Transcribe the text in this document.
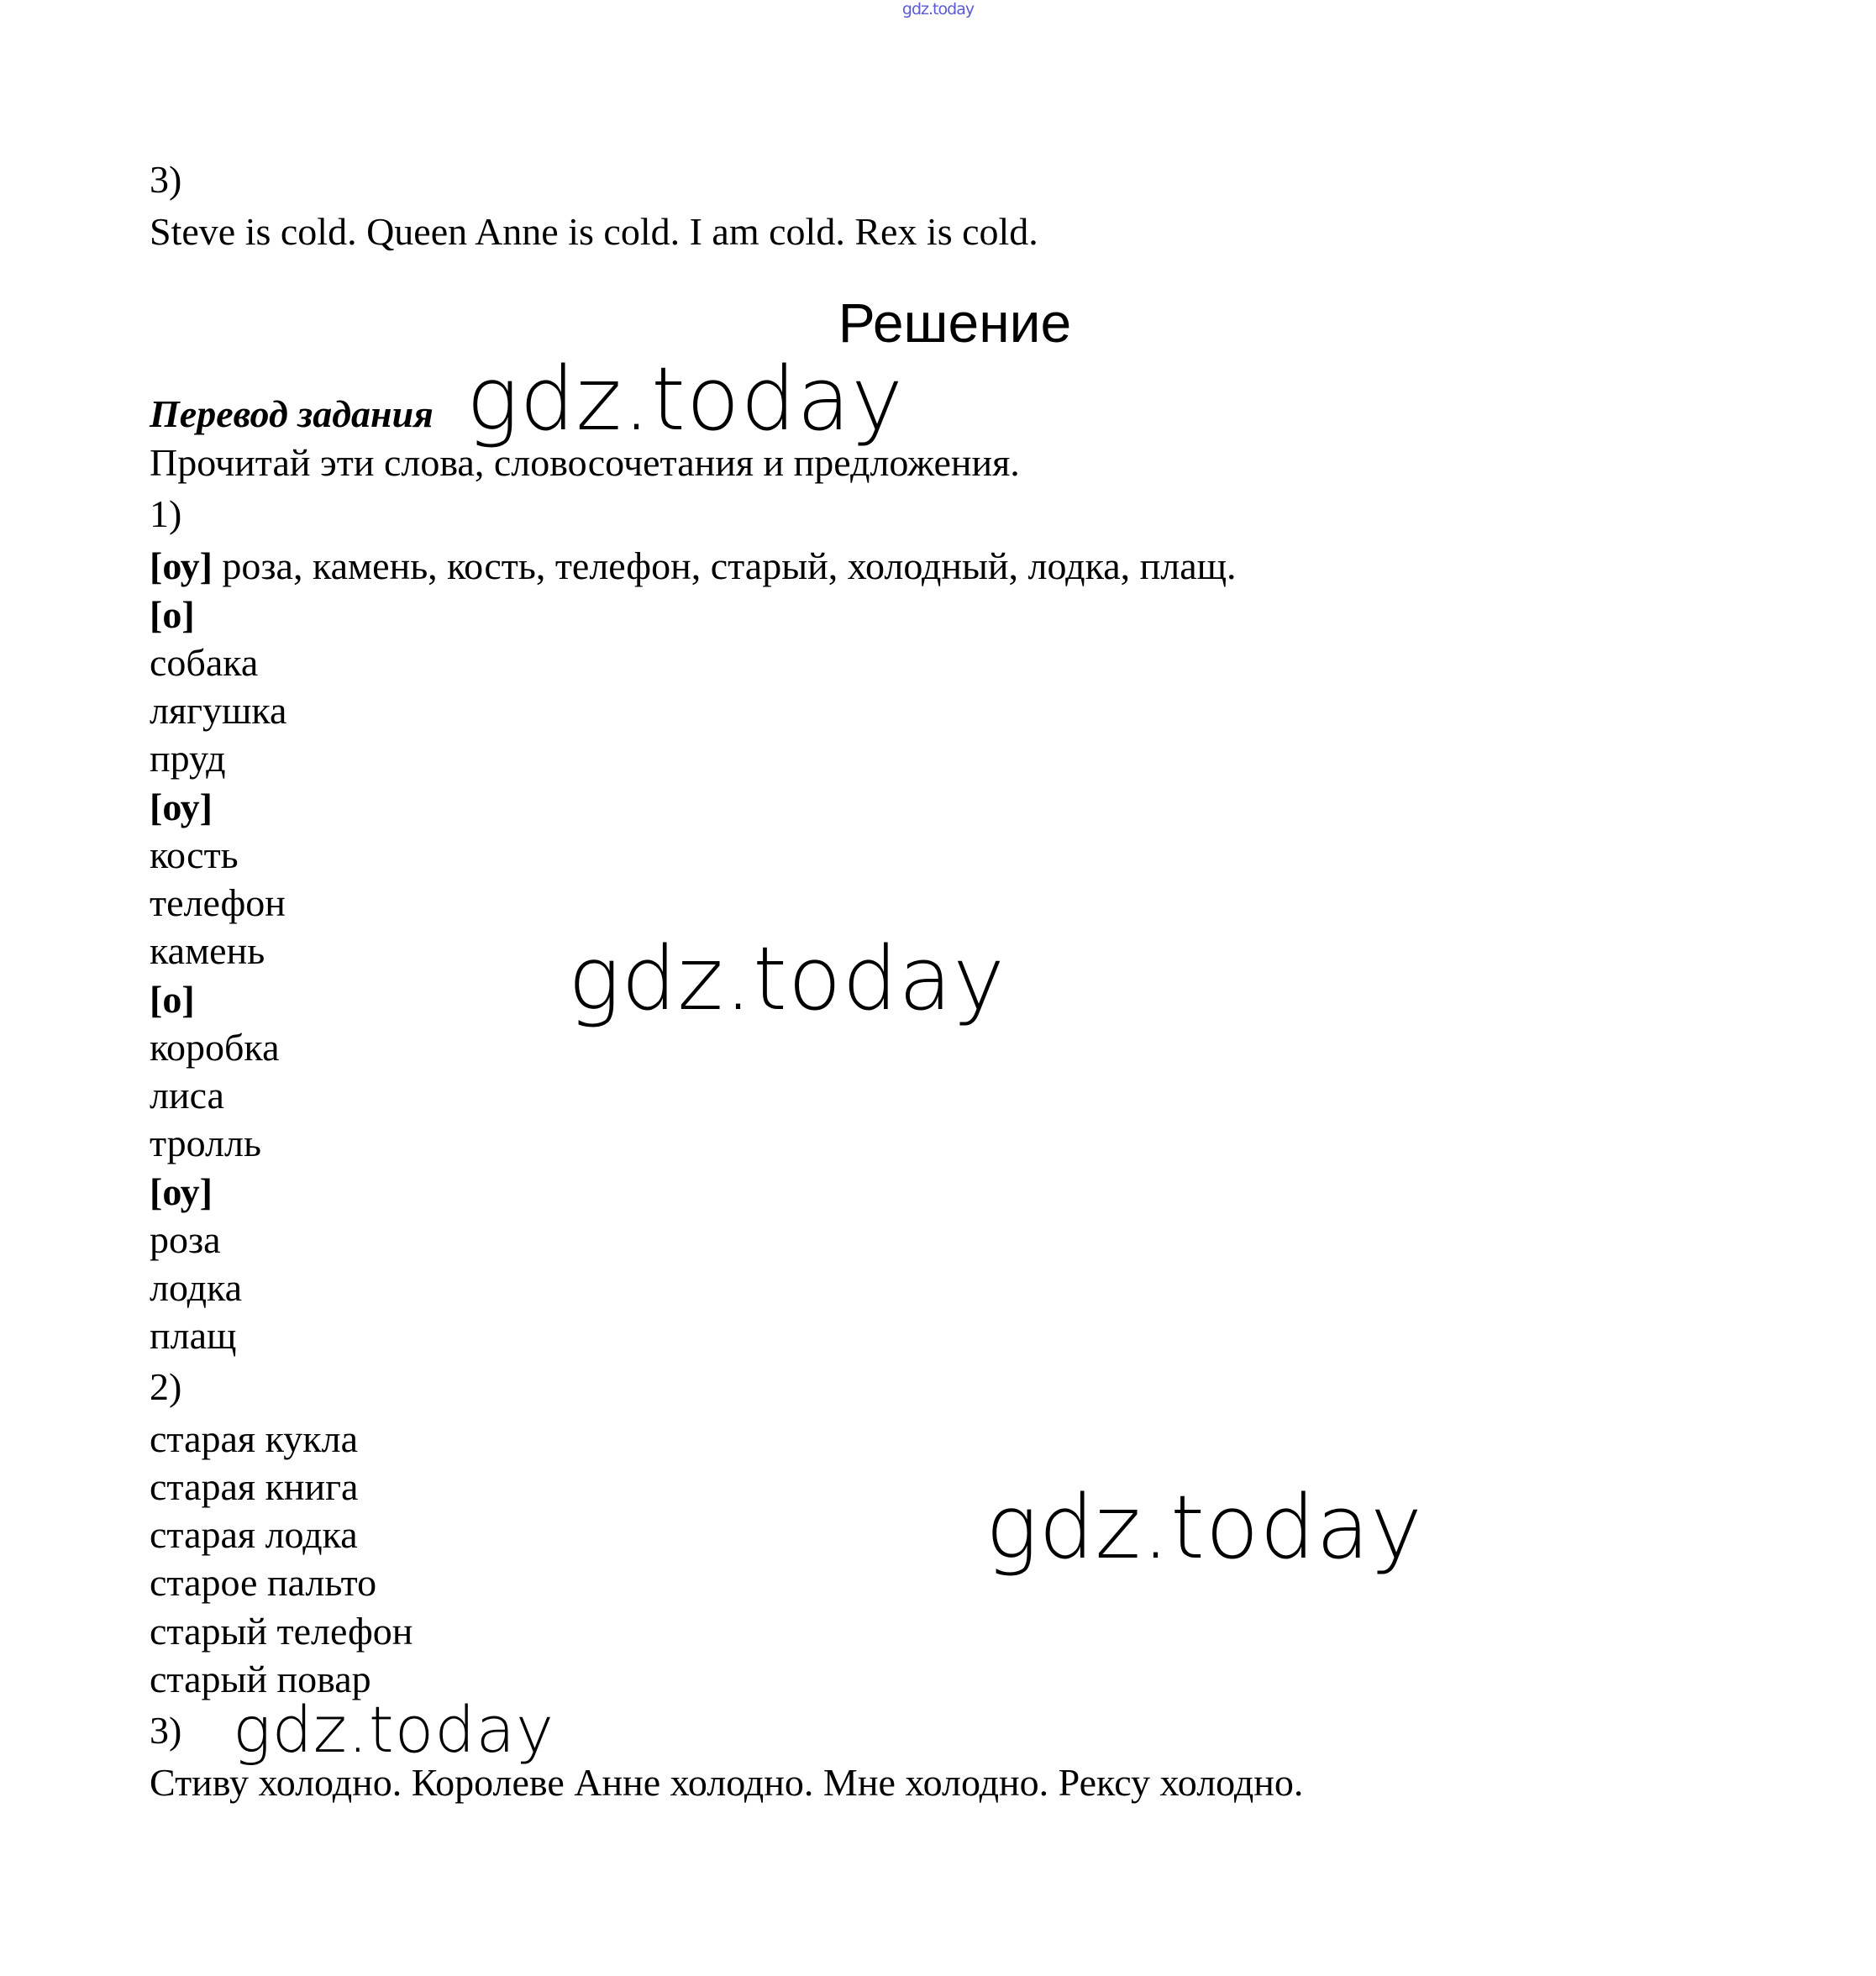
gdz.today
3)
Steve is cold. Queen Anne is cold. I am cold. Rex is cold.
Решение
Перевод задания gdz.today
Прочитай эти слова, словосочетания и предложения.
1)
[оу] роза, камень, кость, телефон, старый, холодный, лодка, плащ.
[о]
собака
лягушка
пруд
[оу]
кость
телефон
камень	gdz.today
[о]
коробка
лиса
тролль
[оу]
роза
лодка
плащ
2)
старая кукла
старая книга
старая лодка
старое пальто
старый телефон
старый повар
gdz.today
3) gdz.today
Стиву холодно. Королеве Анне холодно. Мне холодно. Рексу холодно.
